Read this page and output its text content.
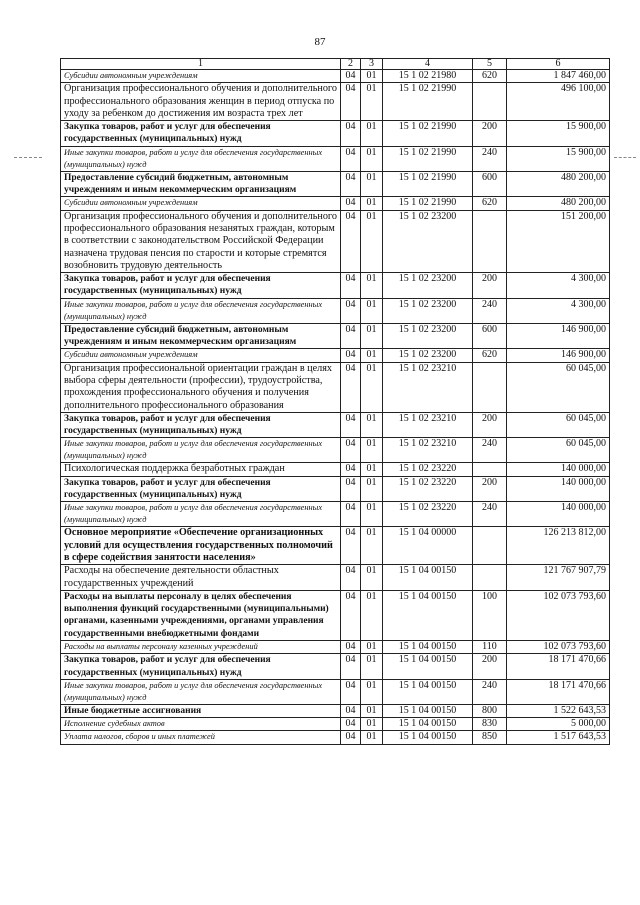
87
1	2	3	4	5	6
Субсидии автономным учреждениям	04	01	15 1 02 21980	620	1 847 460,00
Организация профессионального обучения и дополнительного профессионального образования женщин в период отпуска по уходу за ребенком до достижения им возраста трех лет	04	01	15 1 02 21990		496 100,00
Закупка товаров, работ и услуг для обеспечения государственных (муниципальных) нужд	04	01	15 1 02 21990	200	15 900,00
Иные закупки товаров, работ и услуг для обеспечения государственных (муниципальных) нужд	04	01	15 1 02 21990	240	15 900,00
Предоставление субсидий бюджетным, автономным учреждениям и иным некоммерческим организациям	04	01	15 1 02 21990	600	480 200,00
Субсидии автономным учреждениям	04	01	15 1 02 21990	620	480 200,00
Организация профессионального обучения и дополнительного профессионального образования незанятых граждан, которым в соответствии с законодательством Российской Федерации назначена трудовая пенсия по старости и которые стремятся возобновить трудовую деятельность	04	01	15 1 02 23200		151 200,00
Закупка товаров, работ и услуг для обеспечения государственных (муниципальных) нужд	04	01	15 1 02 23200	200	4 300,00
Иные закупки товаров, работ и услуг для обеспечения государственных (муниципальных) нужд	04	01	15 1 02 23200	240	4 300,00
Предоставление субсидий бюджетным, автономным учреждениям и иным некоммерческим организациям	04	01	15 1 02 23200	600	146 900,00
Субсидии автономным учреждениям	04	01	15 1 02 23200	620	146 900,00
Организация профессиональной ориентации граждан в целях выбора сферы деятельности (профессии), трудоустройства, прохождения профессионального обучения и получения дополнительного профессионального образования	04	01	15 1 02 23210		60 045,00
Закупка товаров, работ и услуг для обеспечения государственных (муниципальных) нужд	04	01	15 1 02 23210	200	60 045,00
Иные закупки товаров, работ и услуг для обеспечения государственных (муниципальных) нужд	04	01	15 1 02 23210	240	60 045,00
Психологическая поддержка безработных граждан	04	01	15 1 02 23220		140 000,00
Закупка товаров, работ и услуг для обеспечения государственных (муниципальных) нужд	04	01	15 1 02 23220	200	140 000,00
Иные закупки товаров, работ и услуг для обеспечения государственных (муниципальных) нужд	04	01	15 1 02 23220	240	140 000,00
Основное мероприятие «Обеспечение организационных условий для осуществления государственных полномочий в сфере содействия занятости населения»	04	01	15 1 04 00000		126 213 812,00
Расходы на обеспечение деятельности областных государственных учреждений	04	01	15 1 04 00150		121 767 907,79
Расходы на выплаты персоналу в целях обеспечения выполнения функций государственными (муниципальными) органами, казенными учреждениями, органами управления государственными внебюджетными фондами	04	01	15 1 04 00150	100	102 073 793,60
Расходы на выплаты персоналу казенных учреждений	04	01	15 1 04 00150	110	102 073 793,60
Закупка товаров, работ и услуг для обеспечения государственных (муниципальных) нужд	04	01	15 1 04 00150	200	18 171 470,66
Иные закупки товаров, работ и услуг для обеспечения государственных (муниципальных) нужд	04	01	15 1 04 00150	240	18 171 470,66
Иные бюджетные ассигнования	04	01	15 1 04 00150	800	1 522 643,53
Исполнение судебных актов	04	01	15 1 04 00150	830	5 000,00
Уплата налогов, сборов и иных платежей	04	01	15 1 04 00150	850	1 517 643,53
